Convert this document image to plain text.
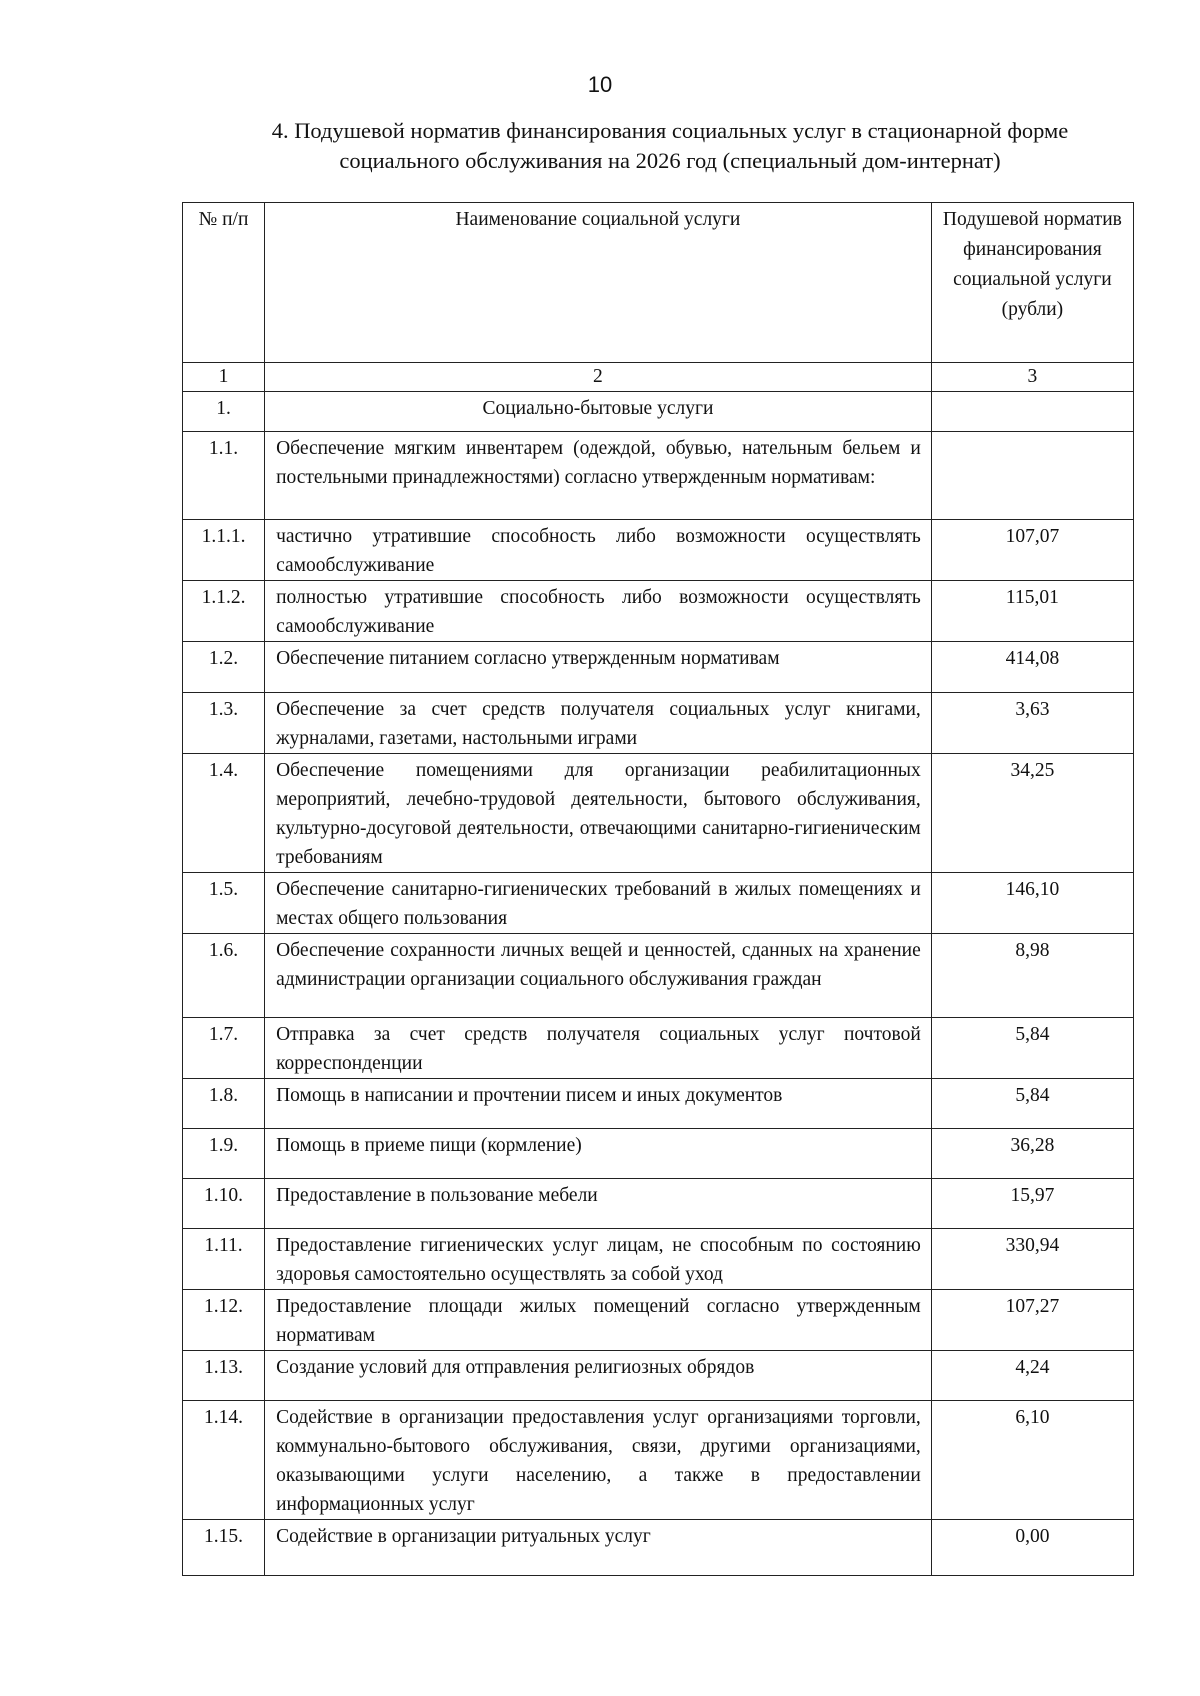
10
4. Подушевой норматив финансирования социальных услуг в стационарной форме
социального обслуживания на 2026 год (специальный дом-интернат)
№ п/п	Наименование социальной услуги	Подушевой норматив финансирования социальной услуги (рубли)
1	2	3
1.	Социально-бытовые услуги	
1.1.	Обеспечение мягким инвентарем (одеждой, обувью, нательным бельем и постельными принадлежностями) согласно утвержденным нормативам:	
1.1.1.	частично утратившие способность либо возможности осуществлять самообслуживание	107,07
1.1.2.	полностью утратившие способность либо возможности осуществлять самообслуживание	115,01
1.2.	Обеспечение питанием согласно утвержденным нормативам	414,08
1.3.	Обеспечение за счет средств получателя социальных услуг книгами, журналами, газетами, настольными играми	3,63
1.4.	Обеспечение помещениями для организации реабилитационных мероприятий, лечебно-трудовой деятельности, бытового обслуживания, культурно-досуговой деятельности, отвечающими санитарно-гигиеническим требованиям	34,25
1.5.	Обеспечение санитарно-гигиенических требований в жилых помещениях и местах общего пользования	146,10
1.6.	Обеспечение сохранности личных вещей и ценностей, сданных на хранение администрации организации социального обслуживания граждан	8,98
1.7.	Отправка за счет средств получателя социальных услуг почтовой корреспонденции	5,84
1.8.	Помощь в написании и прочтении писем и иных документов	5,84
1.9.	Помощь в приеме пищи (кормление)	36,28
1.10.	Предоставление в пользование мебели	15,97
1.11.	Предоставление гигиенических услуг лицам, не способным по состоянию здоровья самостоятельно осуществлять за собой уход	330,94
1.12.	Предоставление площади жилых помещений согласно утвержденным нормативам	107,27
1.13.	Создание условий для отправления религиозных обрядов	4,24
1.14.	Содействие в организации предоставления услуг организациями торговли, коммунально-бытового обслуживания, связи, другими организациями, оказывающими услуги населению, а также в предоставлении информационных услуг	6,10
1.15.	Содействие в организации ритуальных услуг	0,00
